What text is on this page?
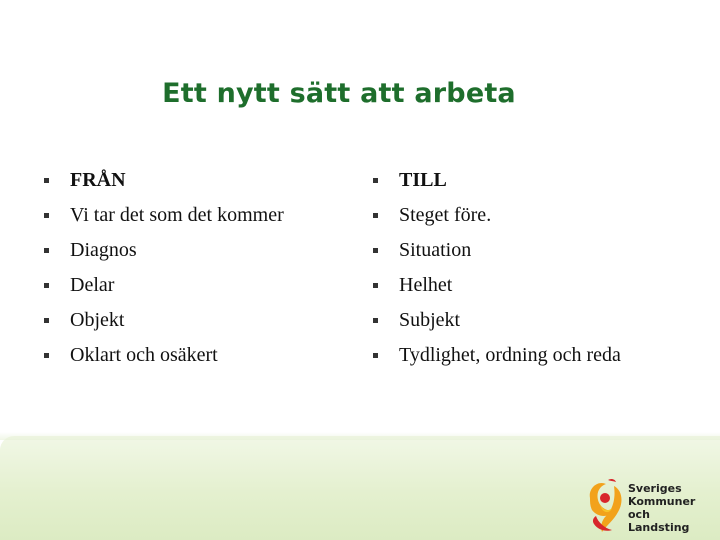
Ett nytt sätt att arbeta
FRÅN
Vi tar det som det kommer
Diagnos
Delar
Objekt
Oklart och osäkert
TILL
Steget före.
Situation
Helhet
Subjekt
Tydlighet, ordning och reda
Sveriges
Kommuner
och Landsting
